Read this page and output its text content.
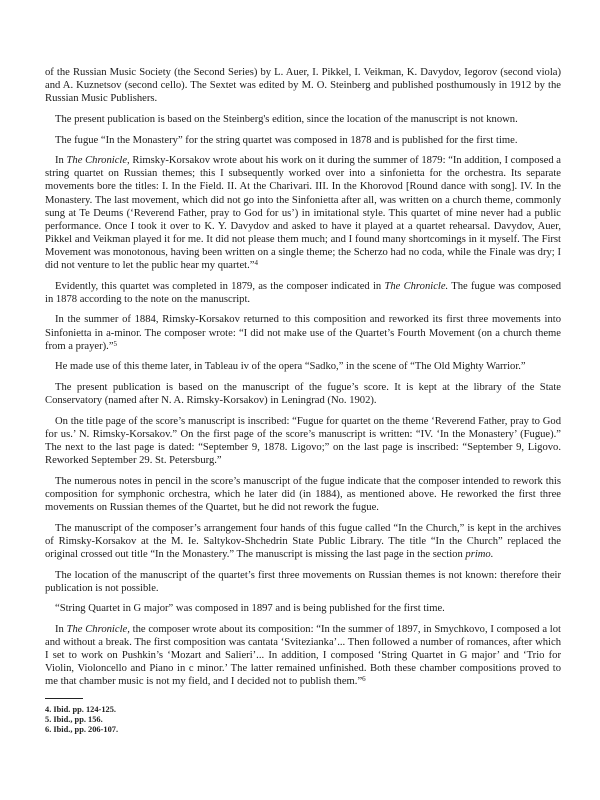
of the Russian Music Society (the Second Series) by L. Auer, I. Pikkel, I. Veikman, K. Davydov, Iegorov (second viola) and A. Kuznetsov (second cello). The Sextet was edited by M. O. Steinberg and published posthumously in 1912 by the Russian Music Publishers.

The present publication is based on the Steinberg's edition, since the location of the manuscript is not known.

The fugue “In the Monastery” for the string quartet was composed in 1878 and is published for the first time.

In The Chronicle, Rimsky-Korsakov wrote about his work on it during the summer of 1879: “In addition, I composed a string quartet on Russian themes; this I subsequently worked over into a sinfonietta for the orchestra. Its separate movements bore the titles: I. In the Field. II. At the Charivari. III. In the Khorovod [Round dance with song]. IV. In the Monastery. The last movement, which did not go into the Sinfonietta after all, was written on a church theme, commonly sung at Te Deums (‘Reverend Father, pray to God for us’) in imitational style. This quartet of mine never had a public performance. Once I took it over to K. Y. Davydov and asked to have it played at a quartet rehearsal. Davydov, Auer, Pikkel and Veikman played it for me. It did not please them much; and I found many shortcomings in it myself. The First Movement was monotonous, having been written on a single theme; the Scherzo had no coda, while the Finale was dry; I did not venture to let the public hear my quartet.”$^4$

Evidently, this quartet was completed in 1879, as the composer indicated in The Chronicle. The fugue was composed in 1878 according to the note on the manuscript.

In the summer of 1884, Rimsky-Korsakov returned to this composition and reworked its first three movements into Sinfonietta in a-minor. The composer wrote: “I did not make use of the Quartet’s Fourth Movement (on a church theme from a prayer).”$^5$

He made use of this theme later, in Tableau iv of the opera “Sadko,” in the scene of “The Old Mighty Warrior.”

The present publication is based on the manuscript of the fugue’s score. It is kept at the library of the State Conservatory (named after N. A. Rimsky-Korsakov) in Leningrad (No. 1902).

On the title page of the score’s manuscript is inscribed: “Fugue for quartet on the theme ‘Reverend Father, pray to God for us.’ N. Rimsky-Korsakov.” On the first page of the score’s manuscript is written: “IV. ‘In the Monastery’ (Fugue).” The next to the last page is dated: “September 9, 1878. Ligovo;” on the last page is inscribed: “September 9, Ligovo. Reworked September 29. St. Petersburg.”

The numerous notes in pencil in the score’s manuscript of the fugue indicate that the composer intended to rework this composition for symphonic orchestra, which he later did (in 1884), as mentioned above. He reworked the first three movements on Russian themes of the Quartet, but he did not rework the fugue.

The manuscript of the composer’s arrangement four hands of this fugue called “In the Church,” is kept in the archives of Rimsky-Korsakov at the M. Ie. Saltykov-Shchedrin State Public Library. The title “In the Church” replaced the original crossed out title “In the Monastery.” The manuscript is missing the last page in the section primo.

The location of the manuscript of the quartet’s first three movements on Russian themes is not known: therefore their publication is not possible.

“String Quartet in G major” was composed in 1897 and is being published for the first time.

In The Chronicle, the composer wrote about its composition: “In the summer of 1897, in Smychkovo, I composed a lot and without a break. The first composition was cantata ‘Svitezianka’... Then followed a number of romances, after which I set to work on Pushkin’s ‘Mozart and Salieri’... In addition, I composed ‘String Quartet in G major’ and ‘Trio for Violin, Violoncello and Piano in c minor.’ The latter remained unfinished. Both these chamber compositions proved to me that chamber music is not my field, and I decided not to publish them.”$^6$

4. Ibid. pp. 124-125.
5. Ibid., pp. 156.
6. Ibid., pp. 206-107.
